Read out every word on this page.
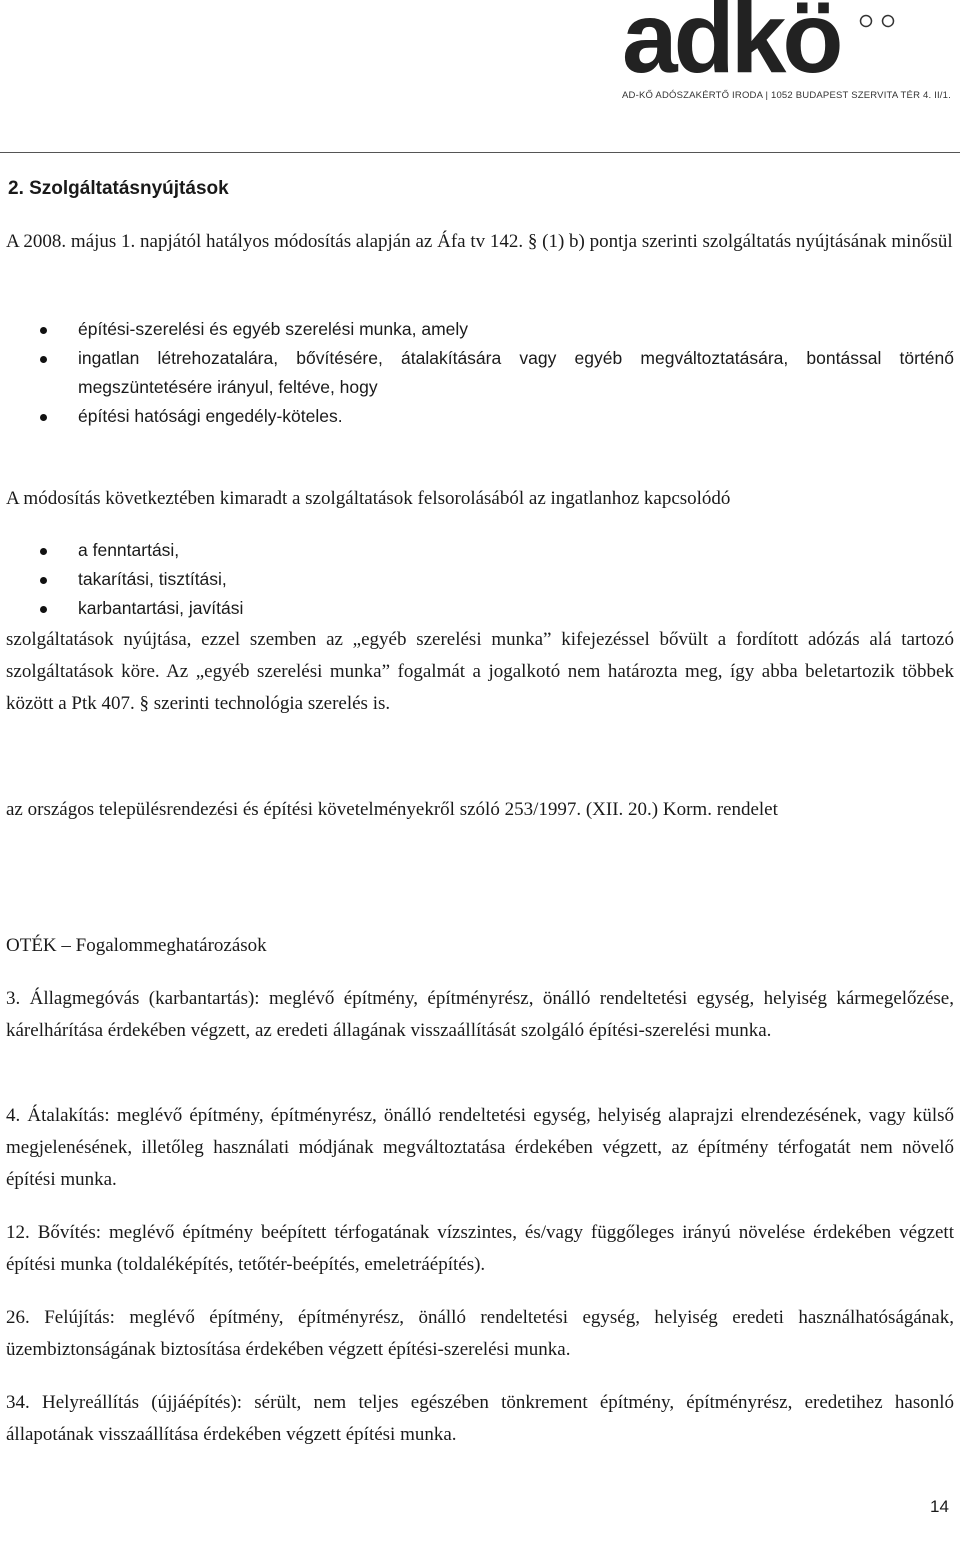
adkö
AD-KŐ ADÓSZAKÉRTŐ IRODA | 1052 BUDAPEST SZERVITA TÉR 4. II/1.
2. Szolgáltatásnyújtások

A 2008. május 1. napjától hatályos módosítás alapján az Áfa tv 142. § (1) b) pontja szerinti szolgáltatás nyújtásának minősül

építési-szerelési és egyéb szerelési munka, amely
ingatlan létrehozatalára, bővítésére, átalakítására vagy egyéb megváltoztatására, bontással történő megszüntetésére irányul, feltéve, hogy
építési hatósági engedély-köteles.

A módosítás következtében kimaradt a szolgáltatások felsorolásából az ingatlanhoz kapcsolódó

a fenntartási,
takarítási, tisztítási,
karbantartási, javítási

szolgáltatások nyújtása, ezzel szemben az „egyéb szerelési munka” kifejezéssel bővült a fordított adózás alá tartozó szolgáltatások köre. Az „egyéb szerelési munka” fogalmát a jogalkotó nem határozta meg, így abba beletartozik többek között a Ptk 407. § szerinti technológia szerelés is.

az országos településrendezési és építési követelményekről szóló 253/1997. (XII. 20.) Korm. rendelet

OTÉK – Fogalommeghatározások

3. Állagmegóvás (karbantartás): meglévő építmény, építményrész, önálló rendeltetési egység, helyiség kármegelőzése, kárelhárítása érdekében végzett, az eredeti állagának visszaállítását szolgáló építési-szerelési munka.

4. Átalakítás: meglévő építmény, építményrész, önálló rendeltetési egység, helyiség alaprajzi elrendezésének, vagy külső megjelenésének, illetőleg használati módjának megváltoztatása érdekében végzett, az építmény térfogatát nem növelő építési munka.

12. Bővítés: meglévő építmény beépített térfogatának vízszintes, és/vagy függőleges irányú növelése érdekében végzett építési munka (toldaléképítés, tetőtér-beépítés, emeletráépítés).

26. Felújítás: meglévő építmény, építményrész, önálló rendeltetési egység, helyiség eredeti használhatóságának, üzembiztonságának biztosítása érdekében végzett építési-szerelési munka.

34. Helyreállítás (újjáépítés): sérült, nem teljes egészében tönkrement építmény, építményrész, eredetihez hasonló állapotának visszaállítása érdekében végzett építési munka.

14
